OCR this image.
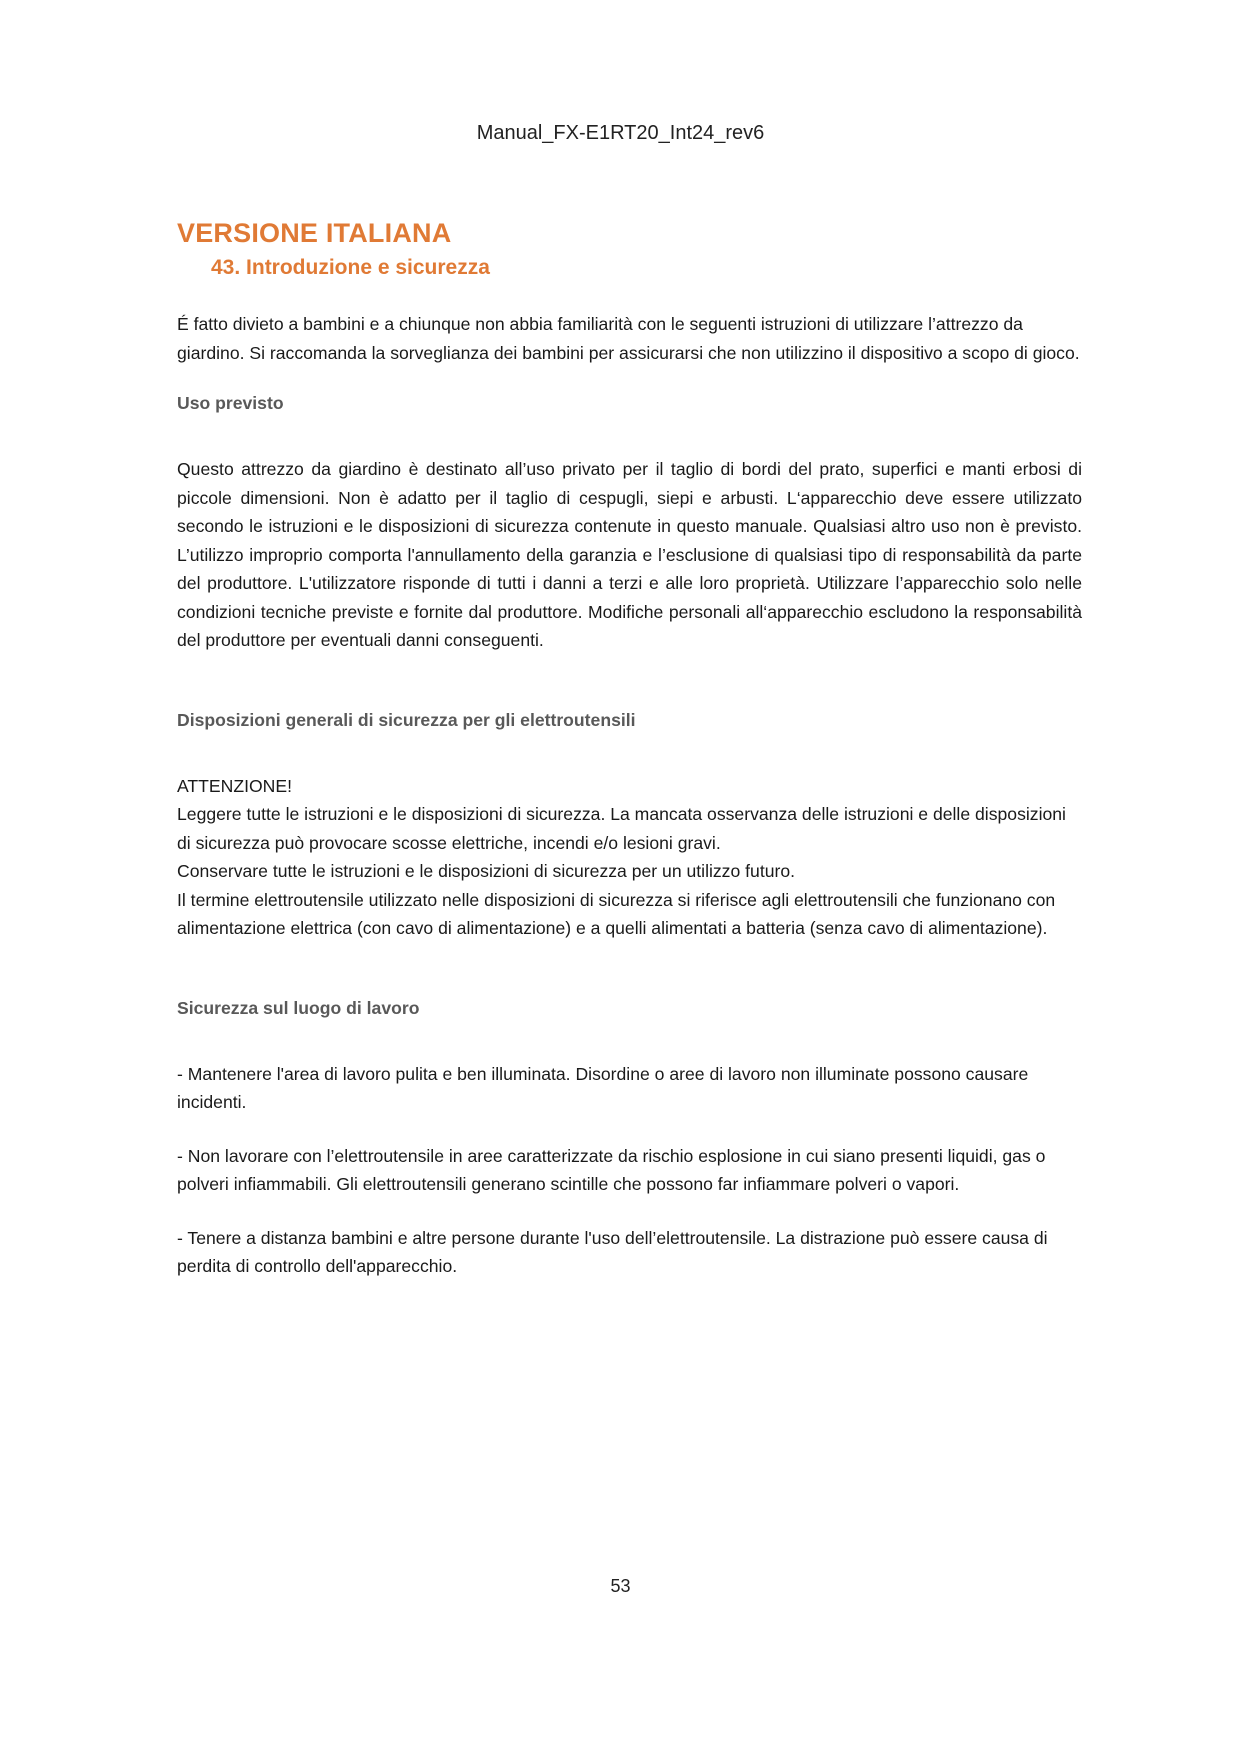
Manual_FX-E1RT20_Int24_rev6
VERSIONE ITALIANA
43. Introduzione e sicurezza

É fatto divieto a bambini e a chiunque non abbia familiarità con le seguenti istruzioni di utilizzare l’attrezzo da giardino. Si raccomanda la sorveglianza dei bambini per assicurarsi che non utilizzino il dispositivo a scopo di gioco.

Uso previsto

Questo attrezzo da giardino è destinato all’uso privato per il taglio di bordi del prato, superfici e manti erbosi di piccole dimensioni. Non è adatto per il taglio di cespugli, siepi e arbusti. L‘apparecchio deve essere utilizzato secondo le istruzioni e le disposizioni di sicurezza contenute in questo manuale. Qualsiasi altro uso non è previsto. L’utilizzo improprio comporta l'annullamento della garanzia e l’esclusione di qualsiasi tipo di responsabilità da parte del produttore. L'utilizzatore risponde di tutti i danni a terzi e alle loro proprietà. Utilizzare l’apparecchio solo nelle condizioni tecniche previste e fornite dal produttore. Modifiche personali all‘apparecchio escludono la responsabilità del produttore per eventuali danni conseguenti.

Disposizioni generali di sicurezza per gli elettroutensili

ATTENZIONE!

Leggere tutte le istruzioni e le disposizioni di sicurezza. La mancata osservanza delle istruzioni e delle disposizioni di sicurezza può provocare scosse elettriche, incendi e/o lesioni gravi.

Conservare tutte le istruzioni e le disposizioni di sicurezza per un utilizzo futuro.

Il termine elettroutensile utilizzato nelle disposizioni di sicurezza si riferisce agli elettroutensili che funzionano con alimentazione elettrica (con cavo di alimentazione) e a quelli alimentati a batteria (senza cavo di alimentazione).

Sicurezza sul luogo di lavoro

- Mantenere l'area di lavoro pulita e ben illuminata. Disordine o aree di lavoro non illuminate possono causare incidenti.

- Non lavorare con l’elettroutensile in aree caratterizzate da rischio esplosione in cui siano presenti liquidi, gas o polveri infiammabili. Gli elettroutensili generano scintille che possono far infiammare polveri o vapori.

- Tenere a distanza bambini e altre persone durante l'uso dell’elettroutensile. La distrazione può essere causa di perdita di controllo dell'apparecchio.

53
